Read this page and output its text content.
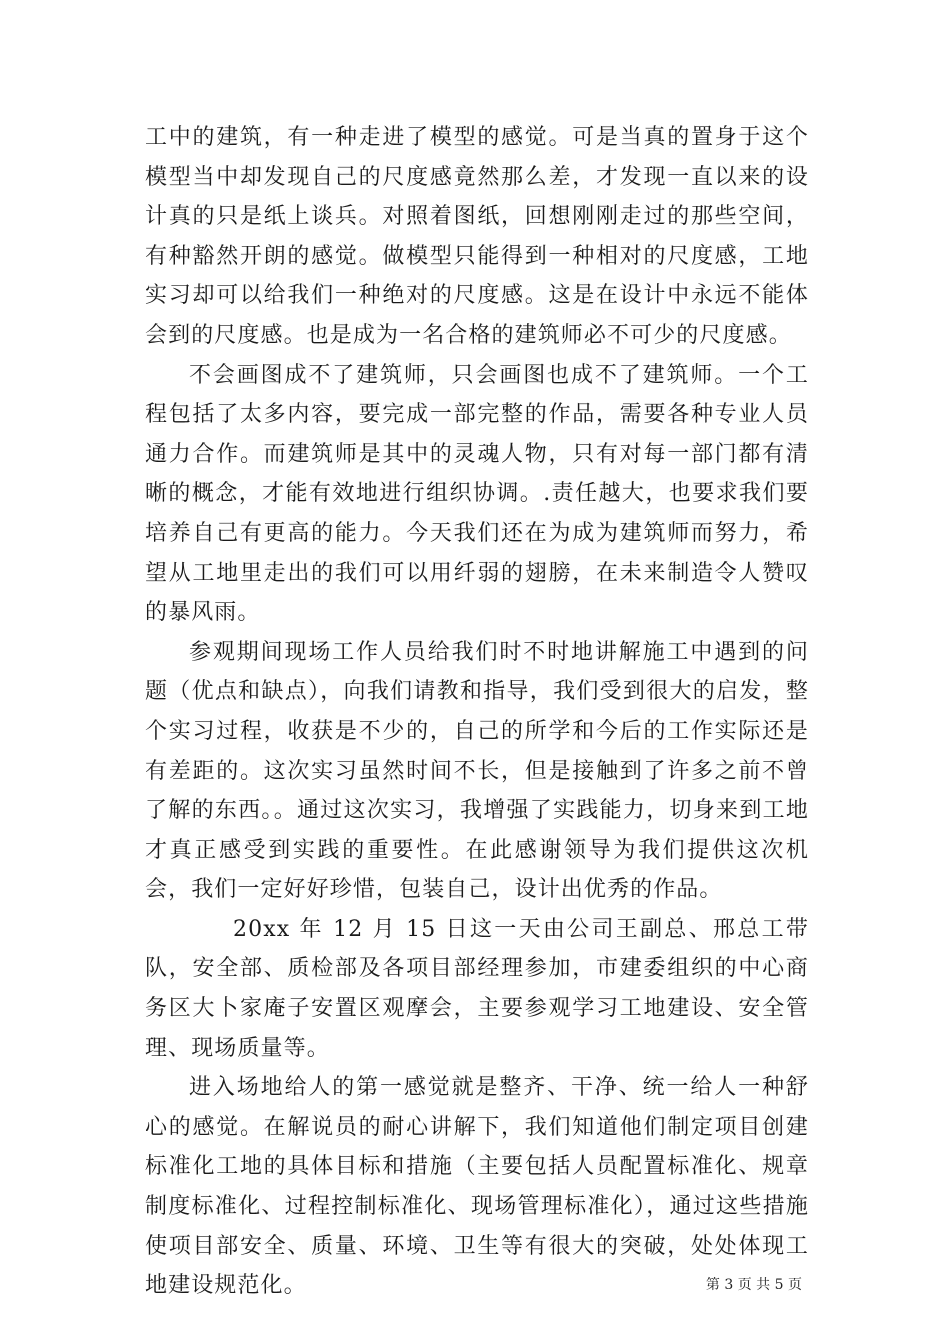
工中的建筑，有一种走进了模型的感觉。可是当真的置身于这个模型当中却发现自己的尺度感竟然那么差，才发现一直以来的设计真的只是纸上谈兵。对照着图纸，回想刚刚走过的那些空间，有种豁然开朗的感觉。做模型只能得到一种相对的尺度感，工地实习却可以给我们一种绝对的尺度感。这是在设计中永远不能体会到的尺度感。也是成为一名合格的建筑师必不可少的尺度感。

不会画图成不了建筑师，只会画图也成不了建筑师。一个工程包括了太多内容，要完成一部完整的作品，需要各种专业人员通力合作。而建筑师是其中的灵魂人物，只有对每一部门都有清晰的概念，才能有效地进行组织协调。.责任越大，也要求我们要培养自己有更高的能力。今天我们还在为成为建筑师而努力，希望从工地里走出的我们可以用纤弱的翅膀，在未来制造令人赞叹的暴风雨。

参观期间现场工作人员给我们时不时地讲解施工中遇到的问题（优点和缺点），向我们请教和指导，我们受到很大的启发，整个实习过程，收获是不少的，自己的所学和今后的工作实际还是有差距的。这次实习虽然时间不长，但是接触到了许多之前不曾了解的东西。。通过这次实习，我增强了实践能力，切身来到工地才真正感受到实践的重要性。在此感谢领导为我们提供这次机会，我们一定好好珍惜，包装自己，设计出优秀的作品。

20xx 年 12 月 15 日这一天由公司王副总、邢总工带队，安全部、质检部及各项目部经理参加，市建委组织的中心商务区大卜家庵子安置区观摩会，主要参观学习工地建设、安全管理、现场质量等。

进入场地给人的第一感觉就是整齐、干净、统一给人一种舒心的感觉。在解说员的耐心讲解下，我们知道他们制定项目创建标准化工地的具体目标和措施（主要包括人员配置标准化、规章制度标准化、过程控制标准化、现场管理标准化），通过这些措施使项目部安全、质量、环境、卫生等有很大的突破，处处体现工地建设规范化。	第 3 页 共 5 页
